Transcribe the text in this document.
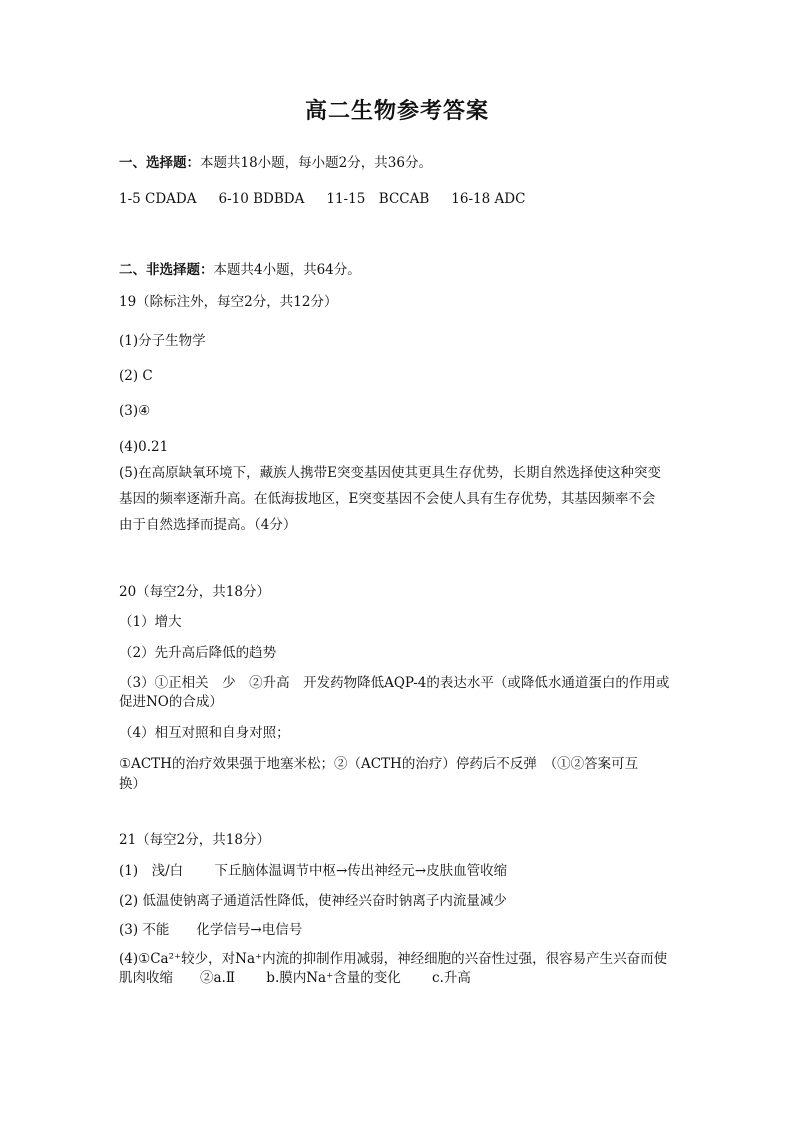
高二生物参考答案
一、选择题：本题共18小题，每小题2分，共36分。
1-5 CDADA 6-10 BDBDA 11-15　BCCAB 16-18 ADC
二、非选择题：本题共4小题，共64分。
19（除标注外，每空2分，共12分）
(1)分子生物学
(2) C
(3)④
(4)0.21
(5)在高原缺氧环境下，藏族人携带E突变基因使其更具生存优势，长期自然选择使这种突变
基因的频率逐渐升高。在低海拔地区，E突变基因不会使人具有生存优势，其基因频率不会
由于自然选择而提高。（4分）
20（每空2分，共18分）
（1）增大
（2）先升高后降低的趋势
（3）①正相关　少　②升高　开发药物降低AQP-4的表达水平（或降低水通道蛋白的作用或
促进NO的合成）
（4）相互对照和自身对照；
①ACTH的治疗效果强于地塞米松；②（ACTH的治疗）停药后不反弹　（①②答案可互
换）
21（每空2分，共18分）
(1)　浅/白　　 下丘脑体温调节中枢→传出神经元→皮肤血管收缩
(2) 低温使钠离子通道活性降低，使神经兴奋时钠离子内流量减少
(3) 不能　　化学信号→电信号
(4)①Ca²⁺较少，对Na⁺内流的抑制作用减弱，神经细胞的兴奋性过强，很容易产生兴奋而使
肌肉收缩　　②a.Ⅱ　　 b.膜内Na⁺含量的变化　　 c.升高
